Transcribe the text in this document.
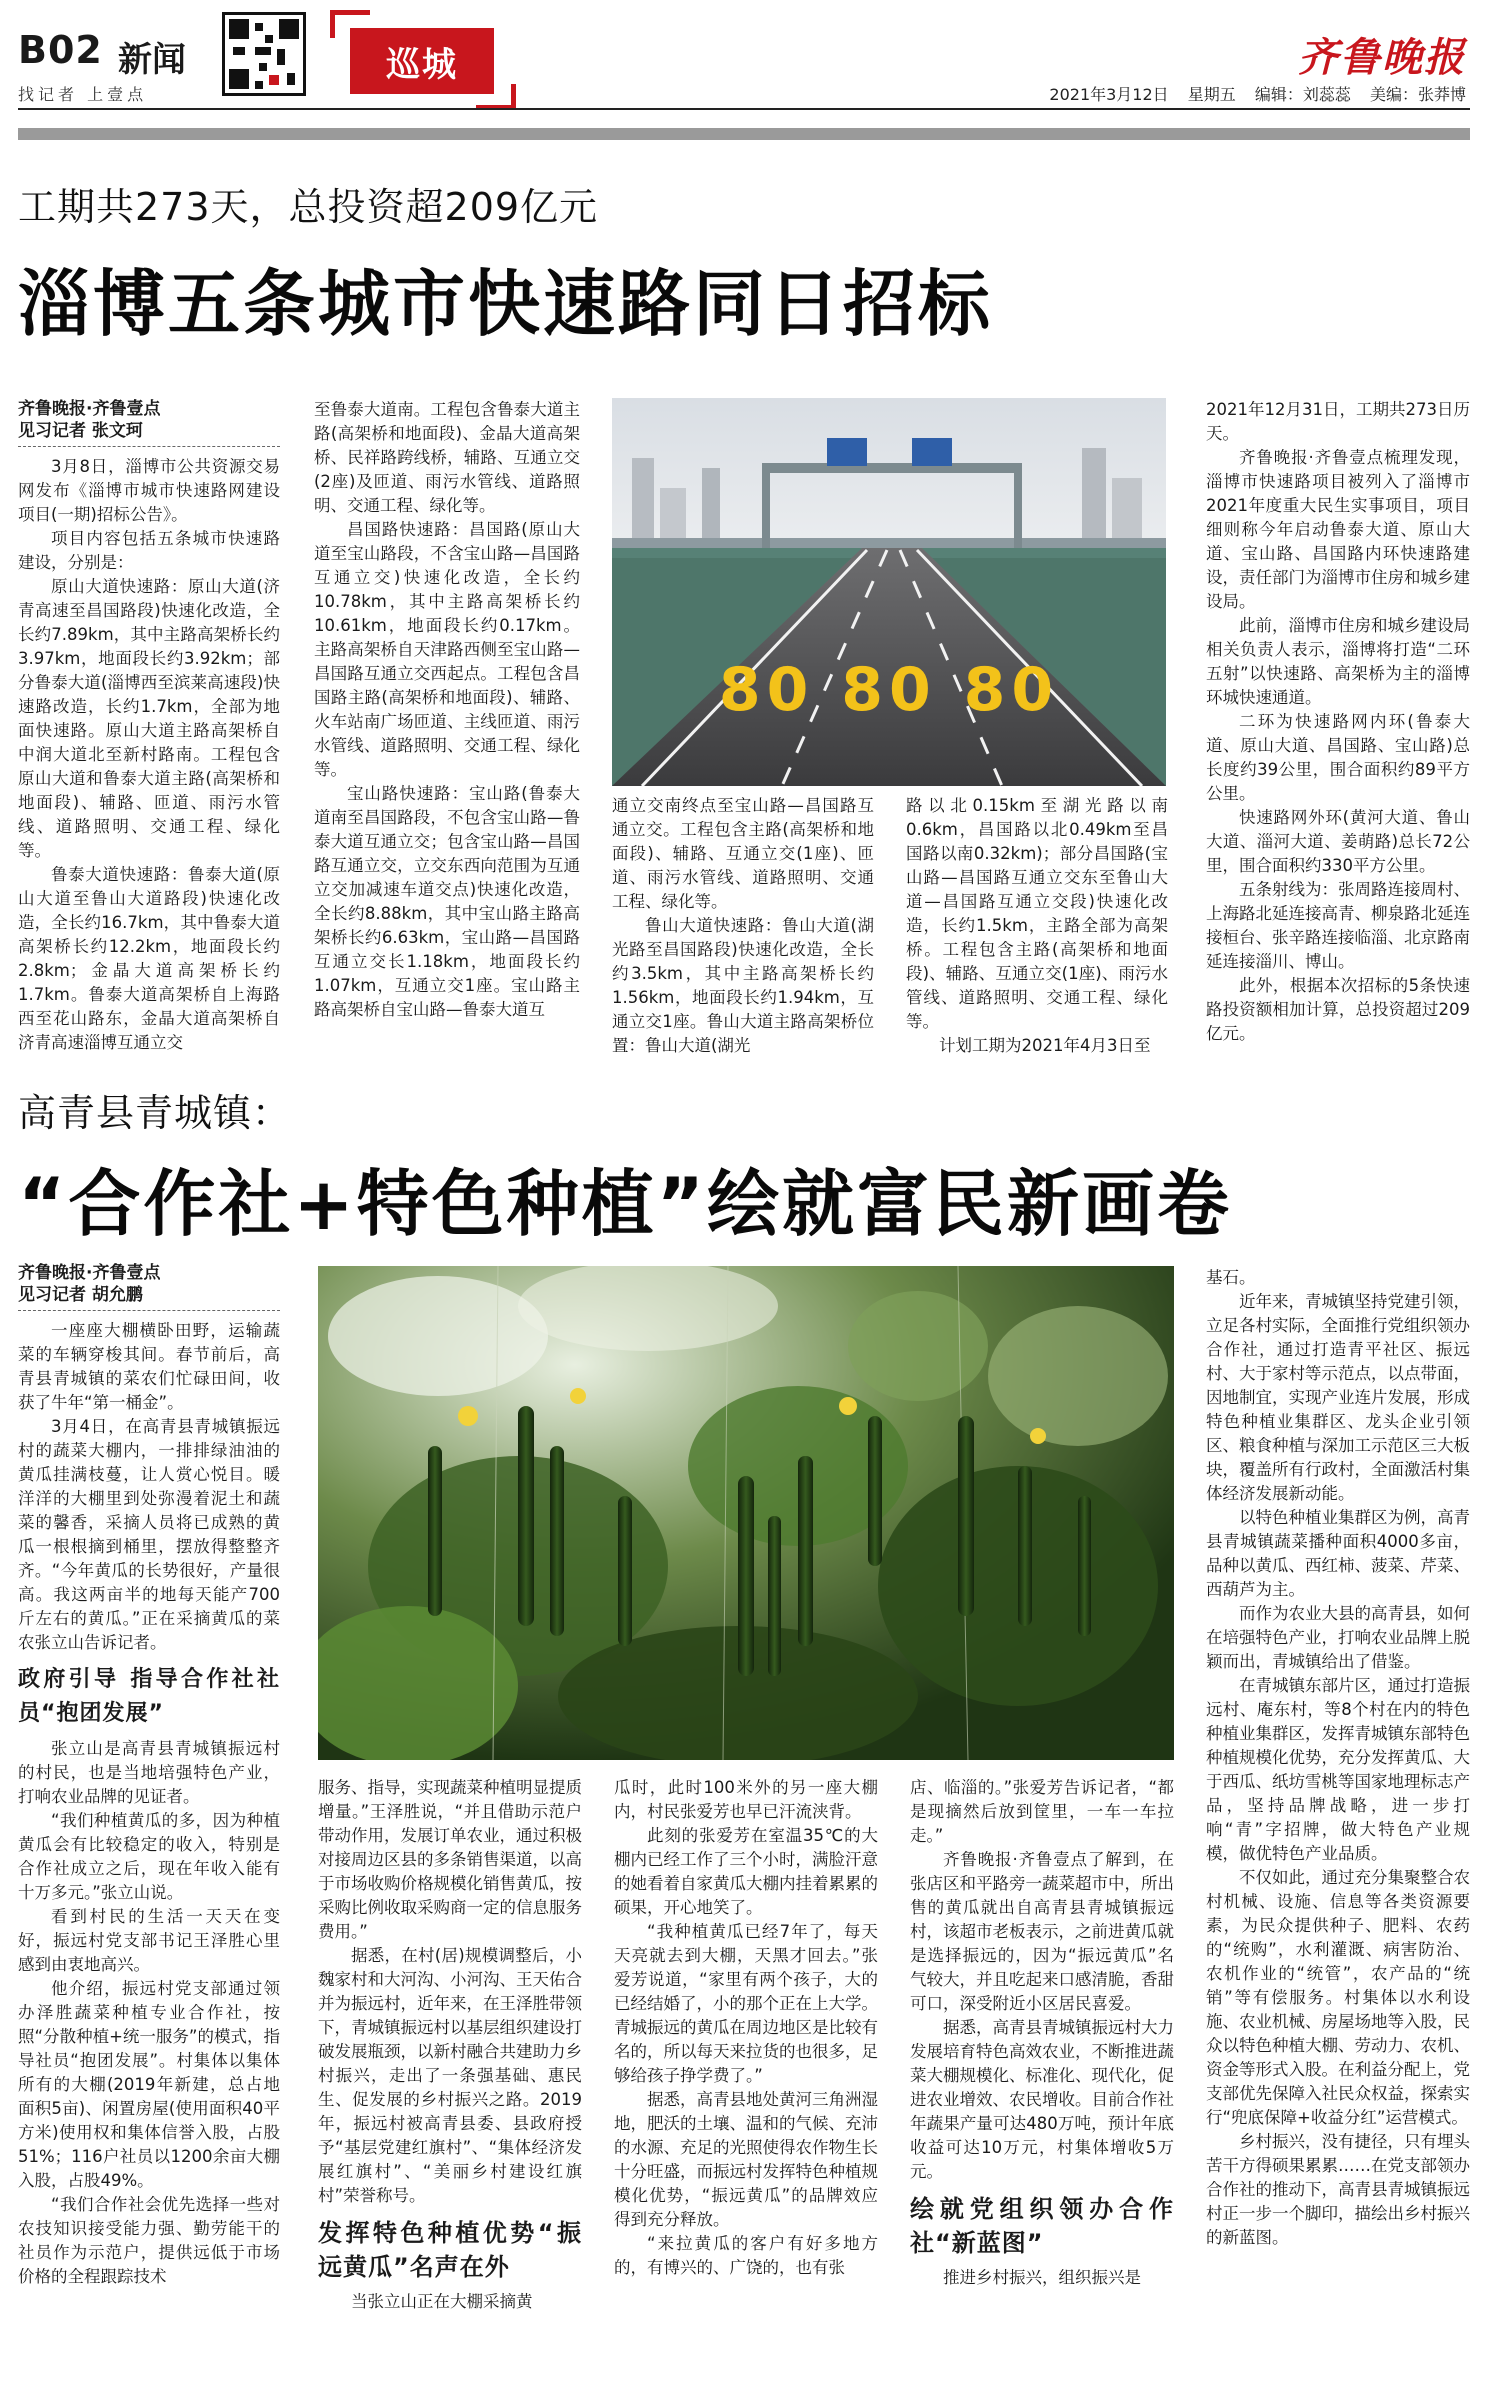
B02 新闻
找记者 上壹点
巡城	齐鲁晚报
2021年3月12日 星期五 编辑：刘蕊蕊 美编：张莽博
工期共273天，总投资超209亿元
淄博五条城市快速路同日招标
齐鲁晚报·齐鲁壹点
见习记者 张文珂

3月8日，淄博市公共资源交易网发布《淄博市城市快速路网建设项目(一期)招标公告》。

项目内容包括五条城市快速路建设，分别是：

原山大道快速路：原山大道(济青高速至昌国路段)快速化改造，全长约7.89km，其中主路高架桥长约3.97km，地面段长约3.92km；部分鲁泰大道(淄博西至滨莱高速段)快速路改造，长约1.7km，全部为地面快速路。原山大道主路高架桥自中润大道北至新村路南。工程包含原山大道和鲁泰大道主路(高架桥和地面段)、辅路、匝道、雨污水管线、道路照明、交通工程、绿化等。

鲁泰大道快速路：鲁泰大道(原山大道至鲁山大道路段)快速化改造，全长约16.7km，其中鲁泰大道高架桥长约12.2km，地面段长约2.8km；金晶大道高架桥长约1.7km。鲁泰大道高架桥自上海路西至花山路东，金晶大道高架桥自济青高速淄博互通立交

至鲁泰大道南。工程包含鲁泰大道主路(高架桥和地面段)、金晶大道高架桥、民祥路跨线桥，辅路、互通立交(2座)及匝道、雨污水管线、道路照明、交通工程、绿化等。

昌国路快速路：昌国路(原山大道至宝山路段，不含宝山路—昌国路互通立交)快速化改造，全长约10.78km，其中主路高架桥长约10.61km，地面段长约0.17km。主路高架桥自天津路西侧至宝山路—昌国路互通立交西起点。工程包含昌国路主路(高架桥和地面段)、辅路、火车站南广场匝道、主线匝道、雨污水管线、道路照明、交通工程、绿化等。

宝山路快速路：宝山路(鲁泰大道南至昌国路段，不包含宝山路—鲁泰大道互通立交；包含宝山路—昌国路互通立交，立交东西向范围为互通立交加减速车道交点)快速化改造，全长约8.88km，其中宝山路主路高架桥长约6.63km，宝山路—昌国路互通立交长1.18km，地面段长约1.07km，互通立交1座。宝山路主路高架桥自宝山路—鲁泰大道互

80 80 80

通立交南终点至宝山路—昌国路互通立交。工程包含主路(高架桥和地面段)、辅路、互通立交(1座)、匝道、雨污水管线、道路照明、交通工程、绿化等。

鲁山大道快速路：鲁山大道(湖光路至昌国路段)快速化改造，全长约3.5km，其中主路高架桥长约1.56km，地面段长约1.94km，互通立交1座。鲁山大道主路高架桥位置：鲁山大道(湖光

路以北0.15km至湖光路以南0.6km，昌国路以北0.49km至昌国路以南0.32km)；部分昌国路(宝山路—昌国路互通立交东至鲁山大道—昌国路互通立交段)快速化改造，长约1.5km，主路全部为高架桥。工程包含主路(高架桥和地面段)、辅路、互通立交(1座)、雨污水管线、道路照明、交通工程、绿化等。

计划工期为2021年4月3日至

2021年12月31日，工期共273日历天。

齐鲁晚报·齐鲁壹点梳理发现，淄博市快速路项目被列入了淄博市2021年度重大民生实事项目，项目细则称今年启动鲁泰大道、原山大道、宝山路、昌国路内环快速路建设，责任部门为淄博市住房和城乡建设局。

此前，淄博市住房和城乡建设局相关负责人表示，淄博将打造“二环五射”以快速路、高架桥为主的淄博环城快速通道。

二环为快速路网内环(鲁泰大道、原山大道、昌国路、宝山路)总长度约39公里，围合面积约89平方公里。

快速路网外环(黄河大道、鲁山大道、淄河大道、姜萌路)总长72公里，围合面积约330平方公里。

五条射线为：张周路连接周村、上海路北延连接高青、柳泉路北延连接桓台、张辛路连接临淄、北京路南延连接淄川、博山。

此外，根据本次招标的5条快速路投资额相加计算，总投资超过209亿元。

高青县青城镇：
“合作社+特色种植”绘就富民新画卷
齐鲁晚报·齐鲁壹点
见习记者 胡允鹏

一座座大棚横卧田野，运输蔬菜的车辆穿梭其间。春节前后，高青县青城镇的菜农们忙碌田间，收获了牛年“第一桶金”。

3月4日，在高青县青城镇振远村的蔬菜大棚内，一排排绿油油的黄瓜挂满枝蔓，让人赏心悦目。暖洋洋的大棚里到处弥漫着泥土和蔬菜的馨香，采摘人员将已成熟的黄瓜一根根摘到桶里，摆放得整整齐齐。“今年黄瓜的长势很好，产量很高。我这两亩半的地每天能产700斤左右的黄瓜。”正在采摘黄瓜的菜农张立山告诉记者。

政府引导 指导合作社社员“抱团发展”

张立山是高青县青城镇振远村的村民，也是当地培强特色产业，打响农业品牌的见证者。

“我们种植黄瓜的多，因为种植黄瓜会有比较稳定的收入，特别是合作社成立之后，现在年收入能有十万多元。”张立山说。

看到村民的生活一天天在变好，振远村党支部书记王泽胜心里感到由衷地高兴。

他介绍，振远村党支部通过领办泽胜蔬菜种植专业合作社，按照“分散种植+统一服务”的模式，指导社员“抱团发展”。村集体以集体所有的大棚(2019年新建，总占地面积5亩)、闲置房屋(使用面积40平方米)使用权和集体信誉入股，占股51%；116户社员以1200余亩大棚入股，占股49%。

“我们合作社会优先选择一些对农技知识接受能力强、勤劳能干的社员作为示范户，提供远低于市场价格的全程跟踪技术

服务、指导，实现蔬菜种植明显提质增量。”王泽胜说，“并且借助示范户带动作用，发展订单农业，通过积极对接周边区县的多条销售渠道，以高于市场收购价格规模化销售黄瓜，按采购比例收取采购商一定的信息服务费用。”

据悉，在村(居)规模调整后，小魏家村和大河沟、小河沟、王天佑合并为振远村，近年来，在王泽胜带领下，青城镇振远村以基层组织建设打破发展瓶颈，以新村融合共建助力乡村振兴，走出了一条强基础、惠民生、促发展的乡村振兴之路。2019年，振远村被高青县委、县政府授予“基层党建红旗村”、“集体经济发展红旗村”、“美丽乡村建设红旗村”荣誉称号。

发挥特色种植优势“振远黄瓜”名声在外

当张立山正在大棚采摘黄

瓜时，此时100米外的另一座大棚内，村民张爱芳也早已汗流浃背。

此刻的张爱芳在室温35℃的大棚内已经工作了三个小时，满脸汗意的她看着自家黄瓜大棚内挂着累累的硕果，开心地笑了。

“我种植黄瓜已经7年了，每天天亮就去到大棚，天黑才回去。”张爱芳说道，“家里有两个孩子，大的已经结婚了，小的那个正在上大学。青城振远的黄瓜在周边地区是比较有名的，所以每天来拉货的也很多，足够给孩子挣学费了。”

据悉，高青县地处黄河三角洲湿地，肥沃的土壤、温和的气候、充沛的水源、充足的光照使得农作物生长十分旺盛，而振远村发挥特色种植规模化优势，“振远黄瓜”的品牌效应得到充分释放。

“来拉黄瓜的客户有好多地方的，有博兴的、广饶的，也有张

店、临淄的。”张爱芳告诉记者，“都是现摘然后放到筐里，一车一车拉走。”

齐鲁晚报·齐鲁壹点了解到，在张店区和平路旁一蔬菜超市中，所出售的黄瓜就出自高青县青城镇振远村，该超市老板表示，之前进黄瓜就是选择振远的，因为“振远黄瓜”名气较大，并且吃起来口感清脆，香甜可口，深受附近小区居民喜爱。

据悉，高青县青城镇振远村大力发展培育特色高效农业，不断推进蔬菜大棚规模化、标准化、现代化，促进农业增效、农民增收。目前合作社年蔬果产量可达480万吨，预计年底收益可达10万元，村集体增收5万元。

绘就党组织领办合作社“新蓝图”

推进乡村振兴，组织振兴是

基石。

近年来，青城镇坚持党建引领，立足各村实际，全面推行党组织领办合作社，通过打造青平社区、振远村、大于家村等示范点，以点带面，因地制宜，实现产业连片发展，形成特色种植业集群区、龙头企业引领区、粮食种植与深加工示范区三大板块，覆盖所有行政村，全面激活村集体经济发展新动能。

以特色种植业集群区为例，高青县青城镇蔬菜播种面积4000多亩，品种以黄瓜、西红柿、菠菜、芹菜、西葫芦为主。

而作为农业大县的高青县，如何在培强特色产业，打响农业品牌上脱颖而出，青城镇给出了借鉴。

在青城镇东部片区，通过打造振远村、庵东村，等8个村在内的特色种植业集群区，发挥青城镇东部特色种植规模化优势，充分发挥黄瓜、大于西瓜、纸坊雪桃等国家地理标志产品，坚持品牌战略，进一步打响“青”字招牌，做大特色产业规模，做优特色产业品质。

不仅如此，通过充分集聚整合农村机械、设施、信息等各类资源要素，为民众提供种子、肥料、农药的“统购”，水利灌溉、病害防治、农机作业的“统管”，农产品的“统销”等有偿服务。村集体以水利设施、农业机械、房屋场地等入股，民众以特色种植大棚、劳动力、农机、资金等形式入股。在利益分配上，党支部优先保障入社民众权益，探索实行“兜底保障+收益分红”运营模式。

乡村振兴，没有捷径，只有埋头苦干方得硕果累累……在党支部领办合作社的推动下，高青县青城镇振远村正一步一个脚印，描绘出乡村振兴的新蓝图。
